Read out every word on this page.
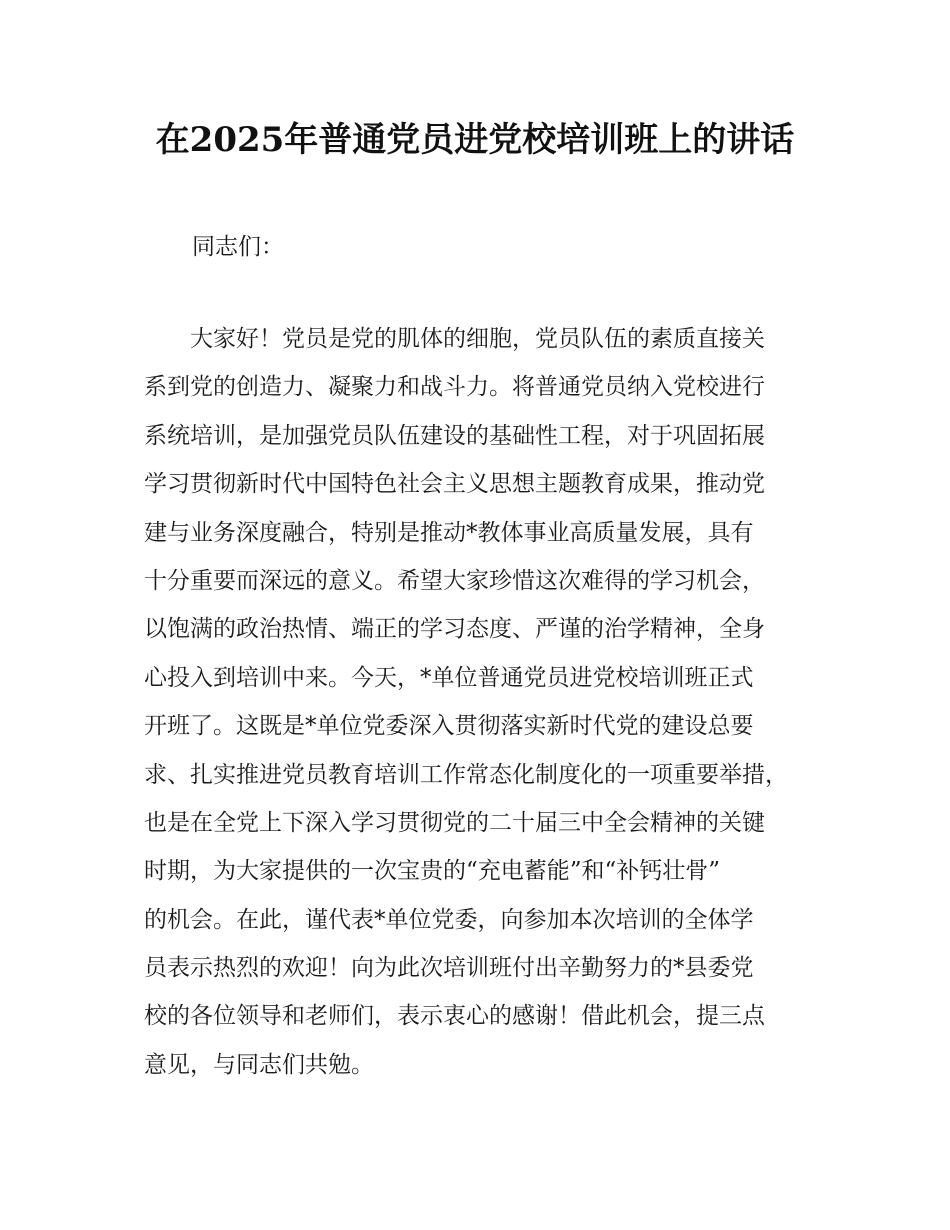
在2025年普通党员进党校培训班上的讲话

同志们：

　　大家好！党员是党的肌体的细胞，党员队伍的素质直接关
系到党的创造力、凝聚力和战斗力。将普通党员纳入党校进行
系统培训，是加强党员队伍建设的基础性工程，对于巩固拓展
学习贯彻新时代中国特色社会主义思想主题教育成果，推动党
建与业务深度融合，特别是推动*教体事业高质量发展，具有
十分重要而深远的意义。希望大家珍惜这次难得的学习机会，
以饱满的政治热情、端正的学习态度、严谨的治学精神，全身
心投入到培训中来。今天，*单位普通党员进党校培训班正式
开班了。这既是*单位党委深入贯彻落实新时代党的建设总要
求、扎实推进党员教育培训工作常态化制度化的一项重要举措，
也是在全党上下深入学习贯彻党的二十届三中全会精神的关键
时期，为大家提供的一次宝贵的“充电蓄能”和“补钙壮骨”
的机会。在此，谨代表*单位党委，向参加本次培训的全体学
员表示热烈的欢迎！向为此次培训班付出辛勤努力的*县委党
校的各位领导和老师们，表示衷心的感谢！借此机会，提三点
意见，与同志们共勉。
